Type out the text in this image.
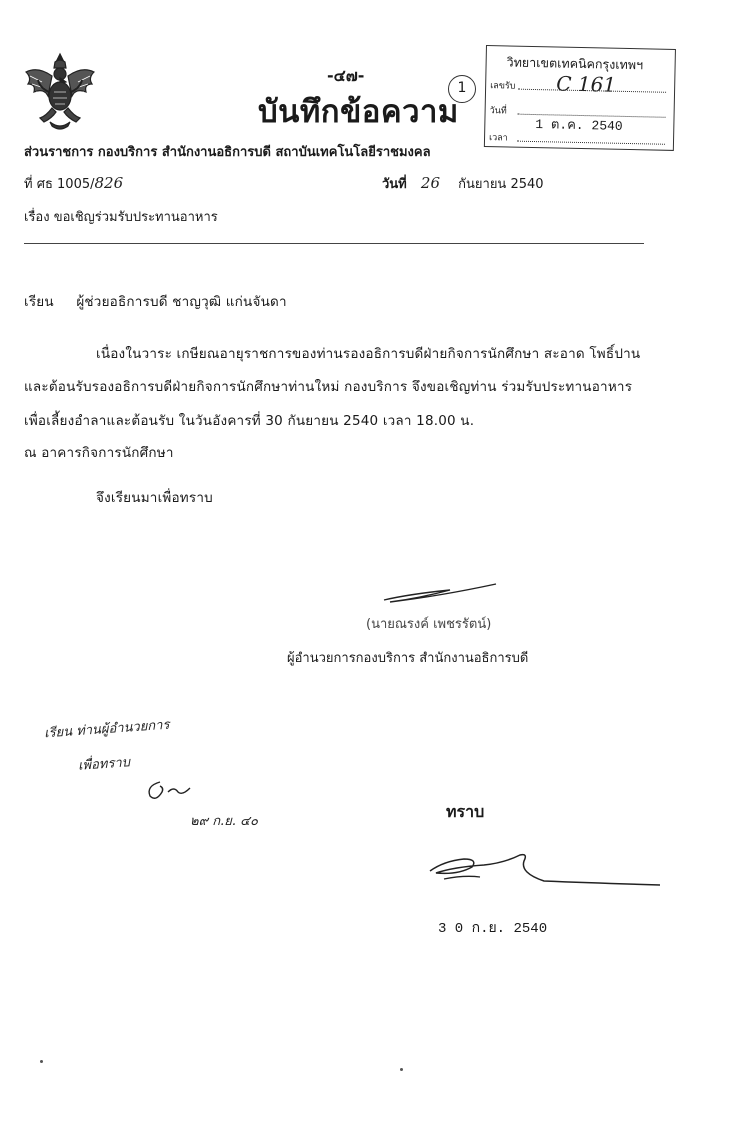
-๔๗-
บันทึกข้อความ
1
วิทยาเขตเทคนิคกรุงเทพฯ
เลขรับ C 161
วันที่
1 ต.ค. 2540
เวลา
ส่วนราชการ กองบริการ สำนักงานอธิการบดี สถาบันเทคโนโลยีราชมงคล
ที่ ศธ 1005/826	วันที่ 26 กันยายน 2540
เรื่อง ขอเชิญร่วมรับประทานอาหาร
เรียน ผู้ช่วยอธิการบดี ชาญวุฒิ แก่นจันดา
เนื่องในวาระ เกษียณอายุราชการของท่านรองอธิการบดีฝ่ายกิจการนักศึกษา สะอาด โพธิ์ปาน
และต้อนรับรองอธิการบดีฝ่ายกิจการนักศึกษาท่านใหม่ กองบริการ จึงขอเชิญท่าน ร่วมรับประทานอาหาร
เพื่อเลี้ยงอำลาและต้อนรับ ในวันอังคารที่ 30 กันยายน 2540 เวลา 18.00 น.
ณ อาคารกิจการนักศึกษา
จึงเรียนมาเพื่อทราบ
(นายณรงค์ เพชรรัตน์)
ผู้อำนวยการกองบริการ สำนักงานอธิการบดี
เรียน ท่านผู้อำนวยการ
เพื่อทราบ
๒๙ ก.ย. ๔๐
ทราบ
3 0 ก.ย. 2540
